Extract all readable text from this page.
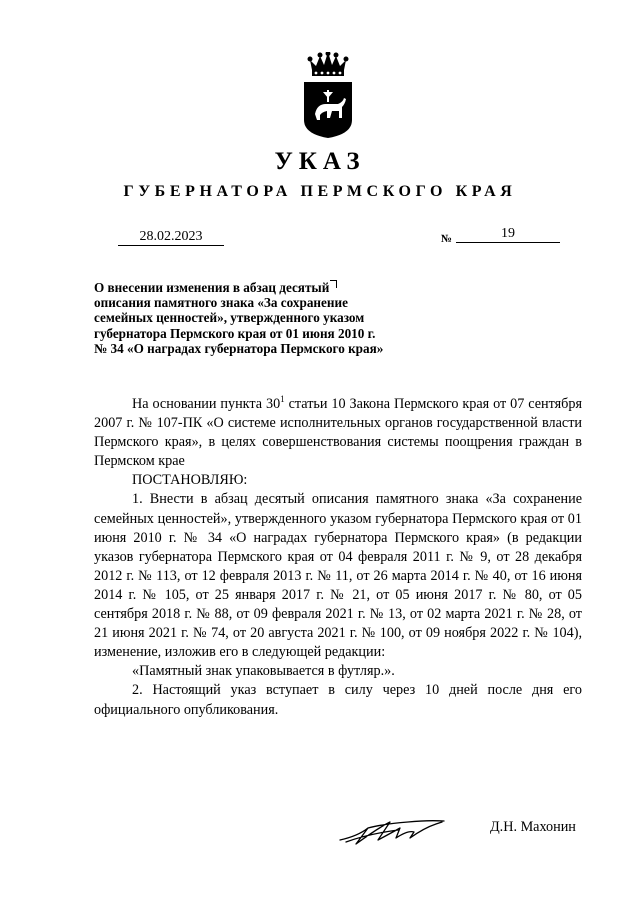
УКАЗ
ГУБЕРНАТОРА ПЕРМСКОГО КРАЯ
28.02.2023	№	19
О внесении изменения в абзац десятый
описания памятного знака «За сохранение
семейных ценностей», утвержденного указом
губернатора Пермского края от 01 июня 2010 г.
№ 34 «О наградах губернатора Пермского края»

На основании пункта $30^1$ статьи 10 Закона Пермского края от 07 сентября 2007 г. № 107-ПК «О системе исполнительных органов государственной власти Пермского края», в целях совершенствования системы поощрения граждан в Пермском крае

ПОСТАНОВЛЯЮ:

1. Внести в абзац десятый описания памятного знака «За сохранение семейных ценностей», утвержденного указом губернатора Пермского края от 01 июня 2010 г. № 34 «О наградах губернатора Пермского края» (в редакции указов губернатора Пермского края от 04 февраля 2011 г. № 9, от 28 декабря 2012 г. № 113, от 12 февраля 2013 г. № 11, от 26 марта 2014 г. № 40, от 16 июня 2014 г. № 105, от 25 января 2017 г. № 21, от 05 июня 2017 г. № 80, от 05 сентября 2018 г. № 88, от 09 февраля 2021 г. № 13, от 02 марта 2021 г. № 28, от 21 июня 2021 г. № 74, от 20 августа 2021 г. № 100, от 09 ноября 2022 г. № 104), изменение, изложив его в следующей редакции:

«Памятный знак упаковывается в футляр.».

2. Настоящий указ вступает в силу через 10 дней после дня его официального опубликования.

Д.Н. Махонин
